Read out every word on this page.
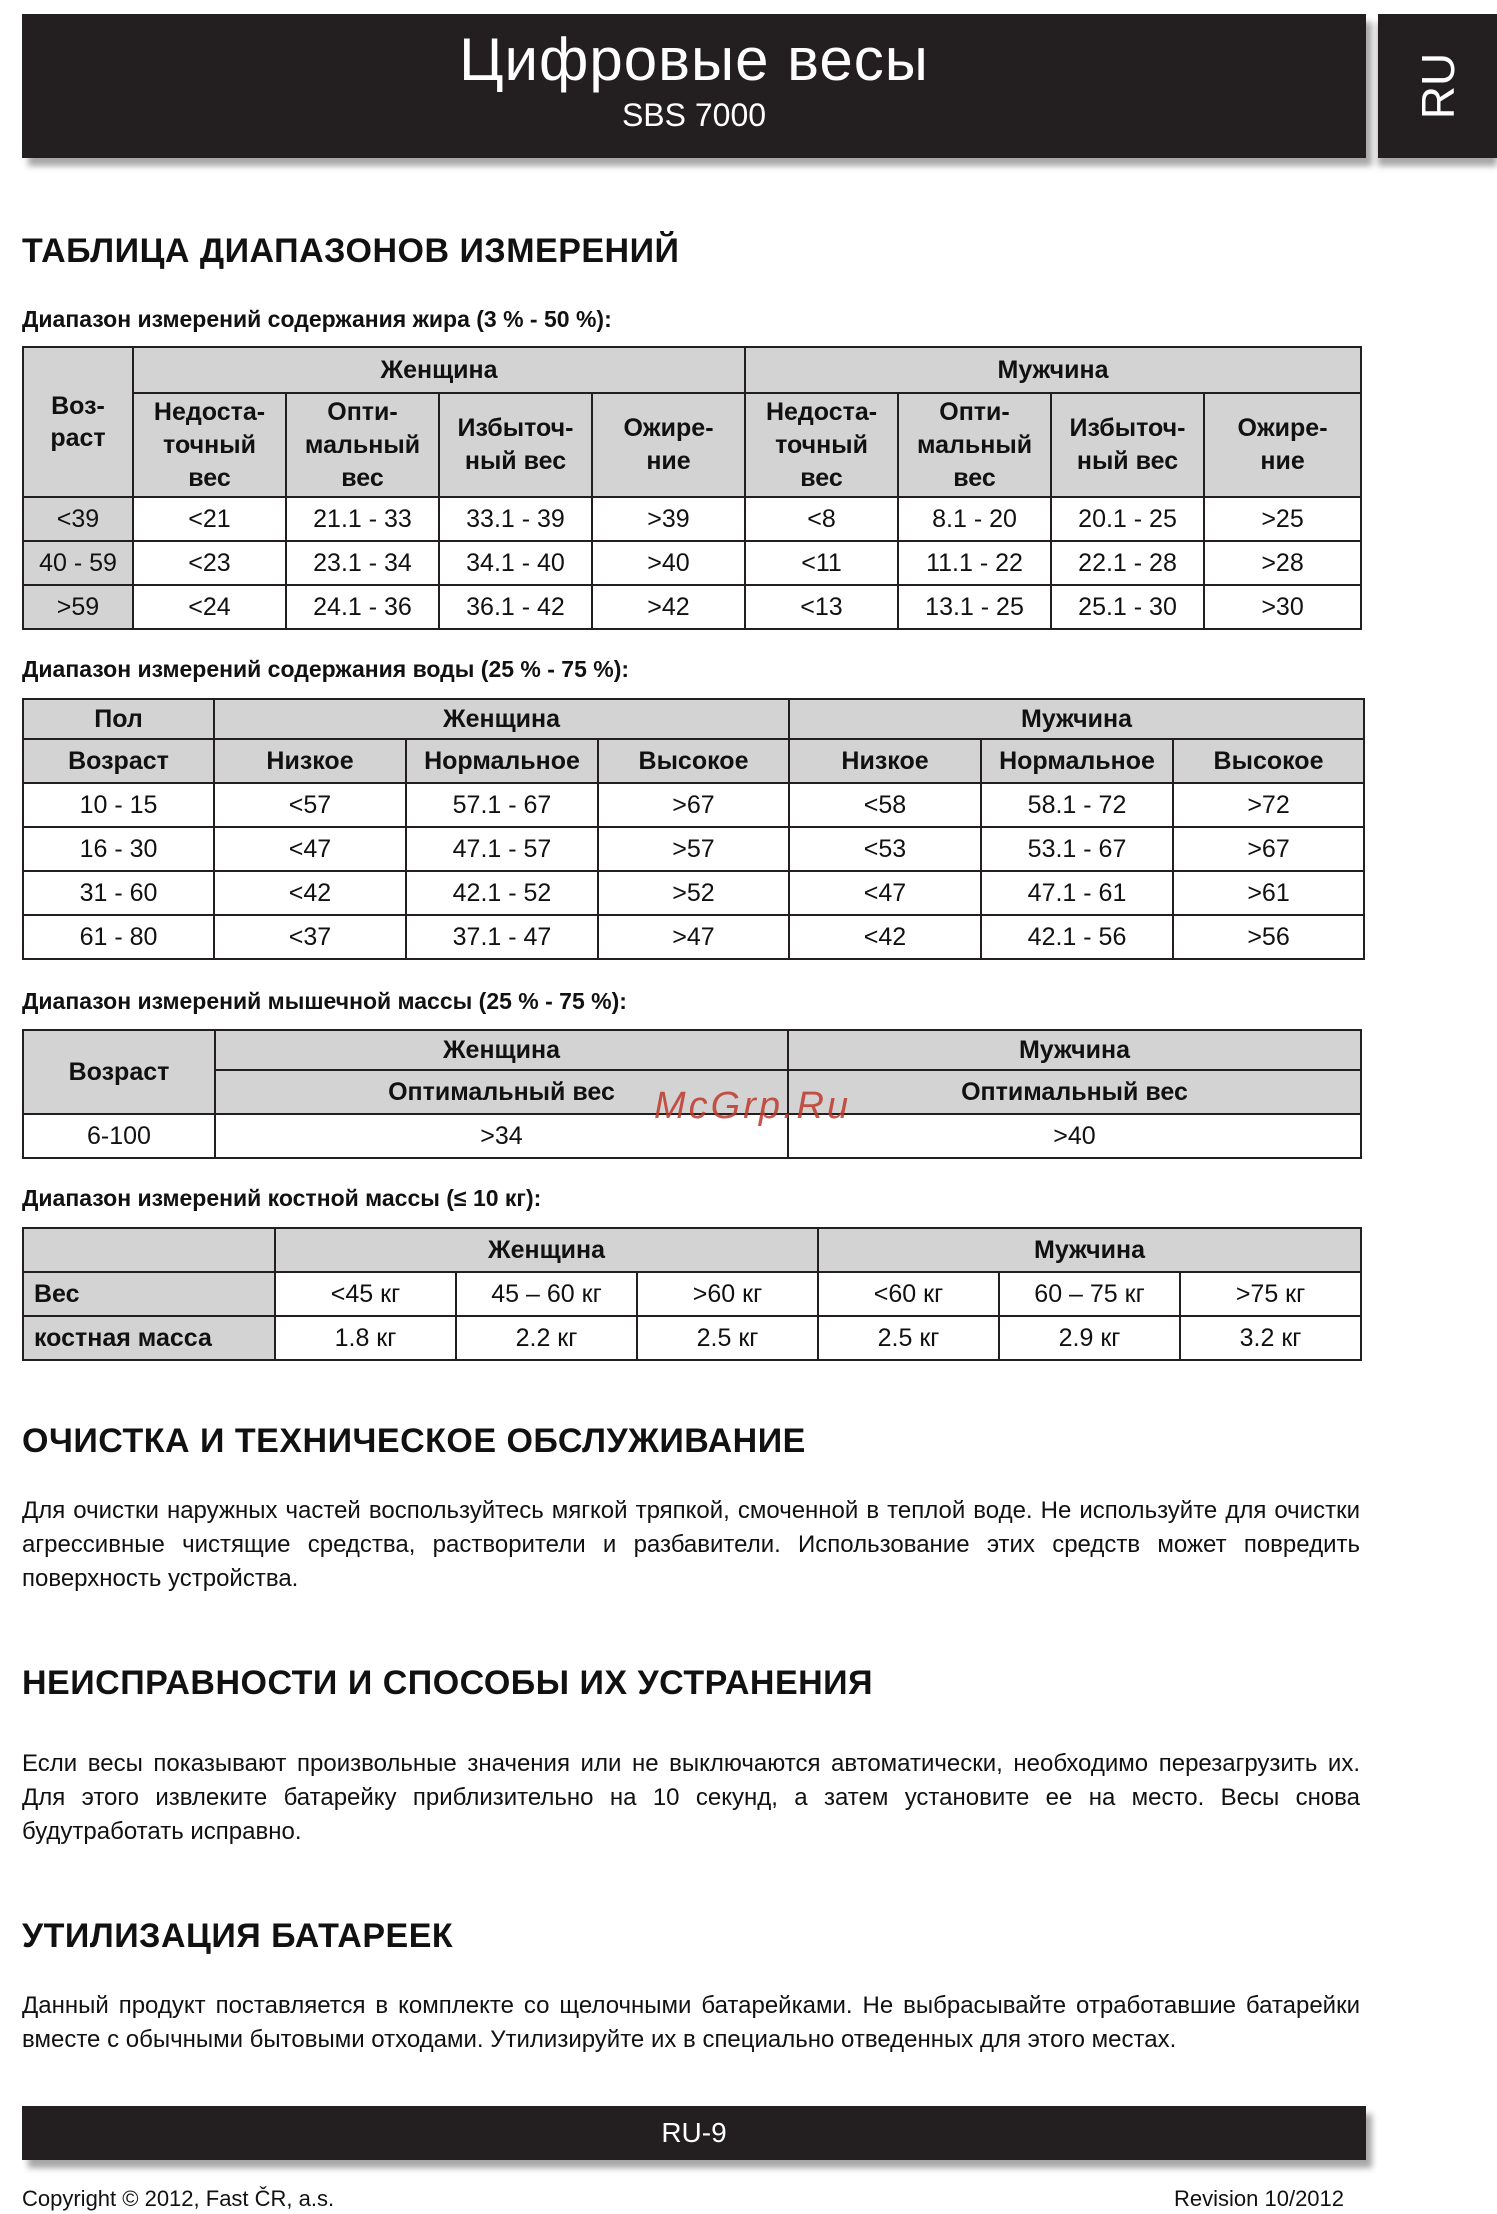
Цифровые весы
SBS 7000	RU
ТАБЛИЦА ДИАПАЗОНОВ ИЗМЕРЕНИЙ

Диапазон измерений содержания жира (3 % - 50 %):

Воз-
раст	Женщина				Мужчина			
	Недоста-
точный
вес	Опти-
мальный
вес	Избыточ-
ный вес	Ожире-
ние	Недоста-
точный
вес	Опти-
мальный
вес	Избыточ-
ный вес	Ожире-
ние
<39	<21	21.1 - 33	33.1 - 39	>39	<8	8.1 - 20	20.1 - 25	>25
40 - 59	<23	23.1 - 34	34.1 - 40	>40	<11	11.1 - 22	22.1 - 28	>28
>59	<24	24.1 - 36	36.1 - 42	>42	<13	13.1 - 25	25.1 - 30	>30

Диапазон измерений содержания воды (25 % - 75 %):

Пол	Женщина			Мужчина		
Возраст	Низкое	Нормальное	Высокое	Низкое	Нормальное	Высокое
10 - 15	<57	57.1 - 67	>67	<58	58.1 - 72	>72
16 - 30	<47	47.1 - 57	>57	<53	53.1 - 67	>67
31 - 60	<42	42.1 - 52	>52	<47	47.1 - 61	>61
61 - 80	<37	37.1 - 47	>47	<42	42.1 - 56	>56

Диапазон измерений мышечной массы (25 % - 75 %):

Возраст	Женщина	Мужчина
	Оптимальный вес	Оптимальный вес
6-100	>34	>40

Диапазон измерений костной массы (≤ 10 кг):

	Женщина			Мужчина		
Вес	<45 кг	45 – 60 кг	>60 кг	<60 кг	60 – 75 кг	>75 кг
костная масса	1.8 кг	2.2 кг	2.5 кг	2.5 кг	2.9 кг	3.2 кг
ОЧИСТКА И ТЕХНИЧЕСКОЕ ОБСЛУЖИВАНИЕ

Для очистки наружных частей воспользуйтесь мягкой тряпкой, смоченной в теплой воде. Не используйте для очистки агрессивные чистящие средства, растворители и разбавители. Использование этих средств может повредить поверхность устройства.

НЕИСПРАВНОСТИ И СПОСОБЫ ИХ УСТРАНЕНИЯ

Если весы показывают произвольные значения или не выключаются автоматически, необходимо перезагрузить их. Для этого извлеките батарейку приблизительно на 10 секунд, а затем установите ее на место. Весы снова будутработать исправно.

УТИЛИЗАЦИЯ БАТАРЕЕК

Данный продукт поставляется в комплекте со щелочными батарейками. Не выбрасывайте отработавшие батарейки вместе с обычными бытовыми отходами. Утилизируйте их в специально отведенных для этого местах.

RU-9
Copyright © 2012, Fast ČR, a.s.	Revision 10/2012
McGrp.Ru
